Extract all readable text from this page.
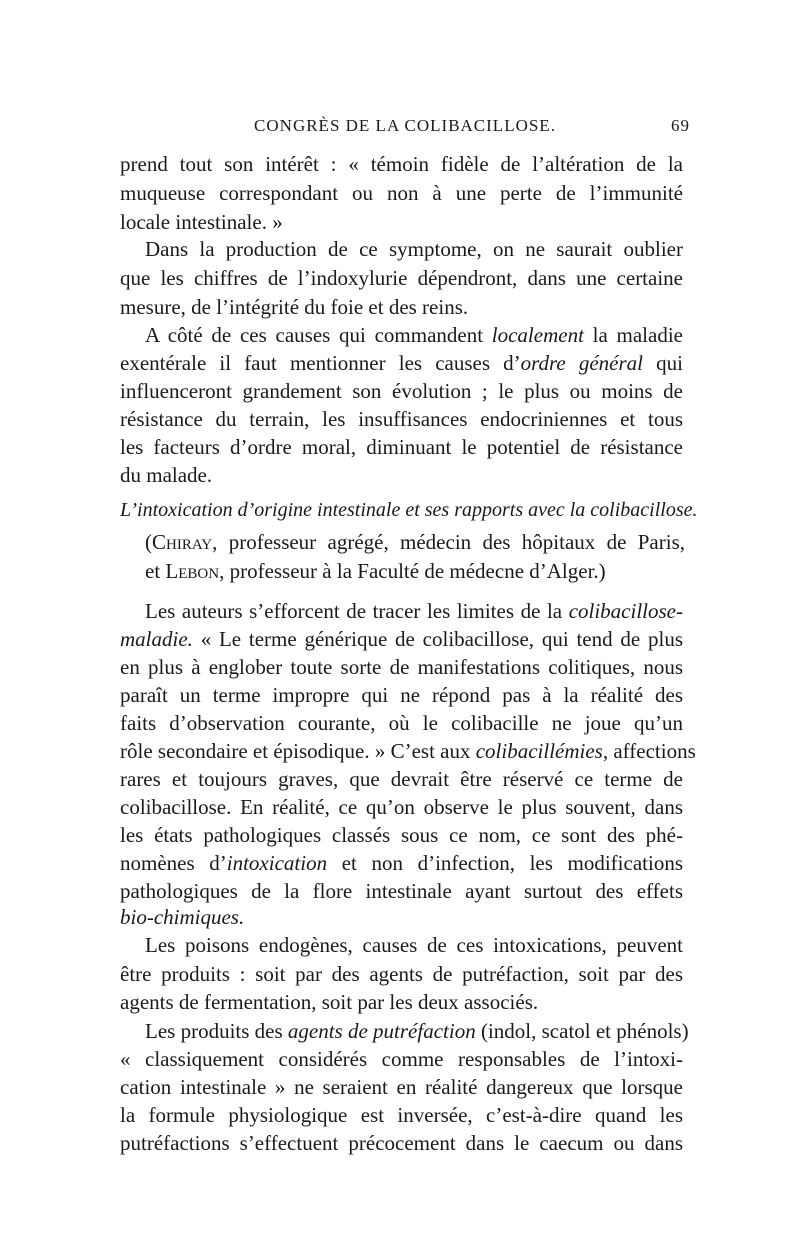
CONGRÈS DE LA COLIBACILLOSE.	69
prend tout son intérêt : « témoin fidèle de l’altération de la
muqueuse correspondant ou non à une perte de l’immunité
locale intestinale. »
Dans la production de ce symptome, on ne saurait oublier
que les chiffres de l’indoxylurie dépendront, dans une certaine
mesure, de l’intégrité du foie et des reins.
A côté de ces causes qui commandent localement la maladie
exentérale il faut mentionner les causes d’ordre général qui
influenceront grandement son évolution ; le plus ou moins de
résistance du terrain, les insuffisances endocriniennes et tous
les facteurs d’ordre moral, diminuant le potentiel de résistance
du malade.
L’intoxication d’origine intestinale et ses rapports avec la colibacillose.
(Chiray, professeur agrégé, médecin des hôpitaux de Paris,
et Lebon, professeur à la Faculté de médecne d’Alger.)
Les auteurs s’efforcent de tracer les limites de la colibacillose-
maladie. « Le terme générique de colibacillose, qui tend de plus
en plus à englober toute sorte de manifestations colitiques, nous
paraît un terme impropre qui ne répond pas à la réalité des
faits d’observation courante, où le colibacille ne joue qu’un
rôle secondaire et épisodique. » C’est aux colibacillémies, affections
rares et toujours graves, que devrait être réservé ce terme de
colibacillose. En réalité, ce qu’on observe le plus souvent, dans
les états pathologiques classés sous ce nom, ce sont des phé-
nomènes d’intoxication et non d’infection, les modifications
pathologiques de la flore intestinale ayant surtout des effets
bio-chimiques.
Les poisons endogènes, causes de ces intoxications, peuvent
être produits : soit par des agents de putréfaction, soit par des
agents de fermentation, soit par les deux associés.
Les produits des agents de putréfaction (indol, scatol et phénols)
« classiquement considérés comme responsables de l’intoxi-
cation intestinale » ne seraient en réalité dangereux que lorsque
la formule physiologique est inversée, c’est-à-dire quand les
putréfactions s’effectuent précocement dans le caecum ou dans
